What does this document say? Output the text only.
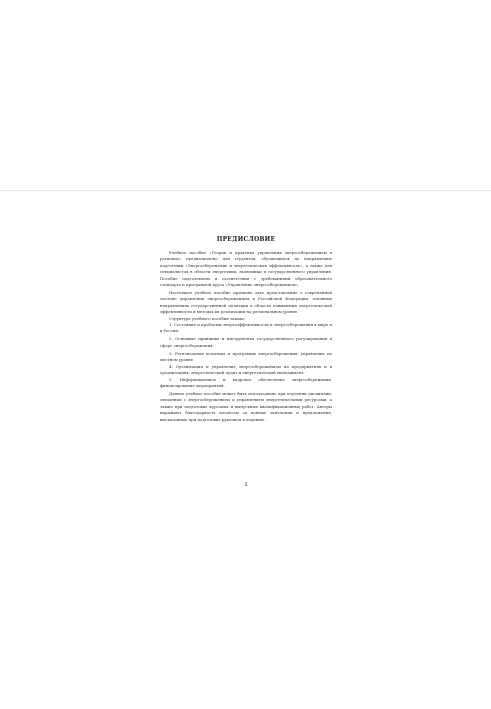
ПРЕДИСЛОВИЕ

Учебное пособие «Теория и практика управления энергосбережением в регионах» предназначено для студентов, обучающихся по направлению подготовки «Энергосбережение и энергетическая эффективность», а также для специалистов в области энергетики, экономики и государственного управления. Пособие подготовлено в соответствии с требованиями образовательного стандарта и программой курса «Управление энергосбережением».

Настоящее учебное пособие призвано дать представление о современной системе управления энергосбережением в Российской Федерации, основных направлениях государственной политики в области повышения энергетической эффективности и методах их реализации на региональном уровне.

Структура учебного пособия такова:

1. Состояние и проблемы энергоэффективности и энергосбережения в мире и в России.

2. Основные принципы и инструменты государственного регулирования в сфере энергосбережения.

3. Региональная политика и программы энергосбережения, управление на местном уровне.

4. Организация и управление энергосбережением на предприятиях и в организациях, энергетический аудит и энергетический менеджмент.

5. Информационное и кадровое обеспечение энергосбережения, финансирование мероприятий.

Данное учебное пособие может быть использовано при изучении дисциплин, связанных с энергосбережением и управлением энергетическими ресурсами, а также при подготовке курсовых и выпускных квалификационных работ. Авторы выражают благодарность коллегам за ценные замечания и предложения, высказанные при подготовке рукописи к изданию.

5
